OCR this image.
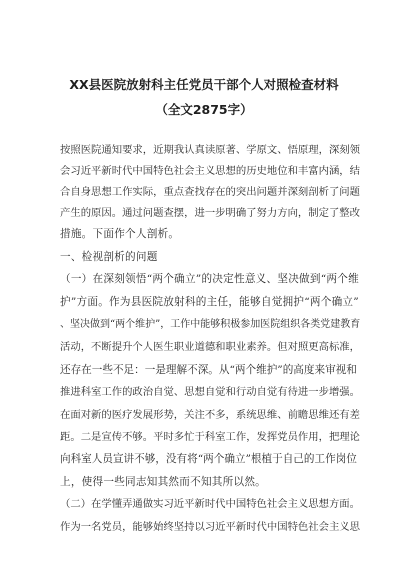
XX县医院放射科主任党员干部个人对照检查材料
（全文2875字）
按照医院通知要求，近期我认真读原著、学原文、悟原理，深刻领
会习近平新时代中国特色社会主义思想的历史地位和丰富内涵，结
合自身思想工作实际，重点查找存在的突出问题并深刻剖析了问题
产生的原因。通过问题查摆，进一步明确了努力方向，制定了整改
措施。下面作个人剖析。
一、检视剖析的问题
（一）在深刻领悟“两个确立”的决定性意义、坚决做到“两个维
护”方面。作为县医院放射科的主任，能够自觉拥护“两个确立”
、坚决做到“两个维护”，工作中能够积极参加医院组织各类党建教育
活动，不断提升个人医生职业道德和职业素养。但对照更高标准，
还存在一些不足：一是理解不深。从“两个维护”的高度来审视和
推进科室工作的政治自觉、思想自觉和行动自觉有待进一步增强。
在面对新的医疗发展形势，关注不多，系统思维、前瞻思维还有差
距。二是宣传不够。平时多忙于科室工作，发挥党员作用，把理论
向科室人员宣讲不够，没有将“两个确立”根植于自己的工作岗位
上，使得一些同志知其然而不知其所以然。
（二）在学懂弄通做实习近平新时代中国特色社会主义思想方面。
作为一名党员，能够始终坚持以习近平新时代中国特色社会主义思
